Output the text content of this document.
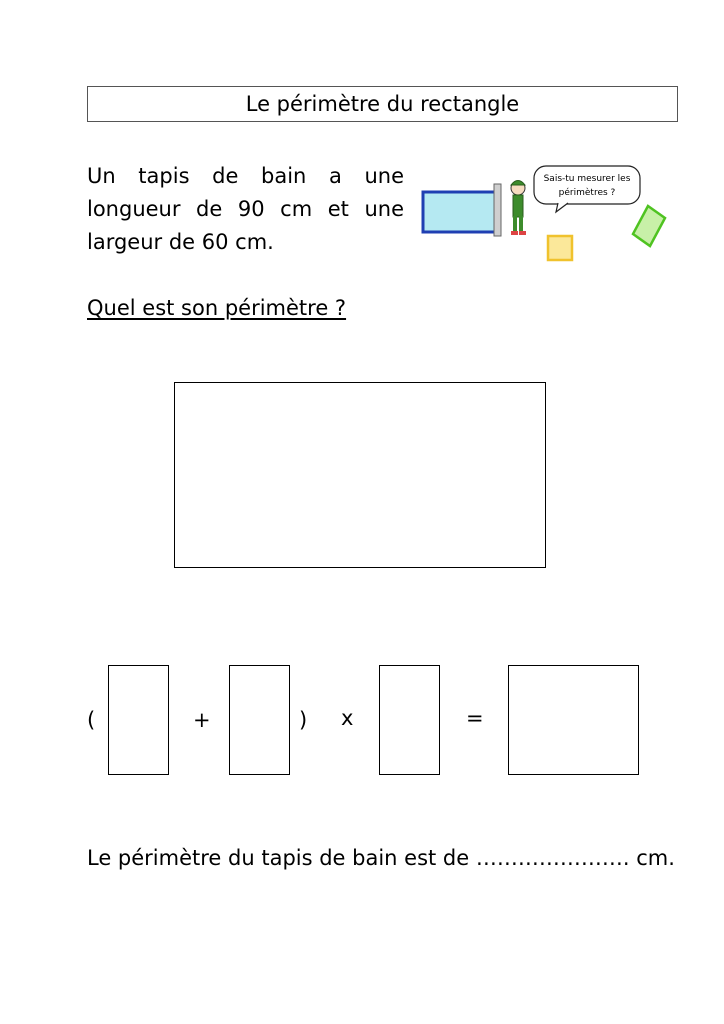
Le périmètre du rectangle
Un tapis de bain a une longueur de 90 cm et une largeur de 60 cm.
Sais-tu mesurer les
périmètres ?
Quel est son périmètre ?
(	+	) x	=
Le périmètre du tapis de bain est de …………………. cm.
